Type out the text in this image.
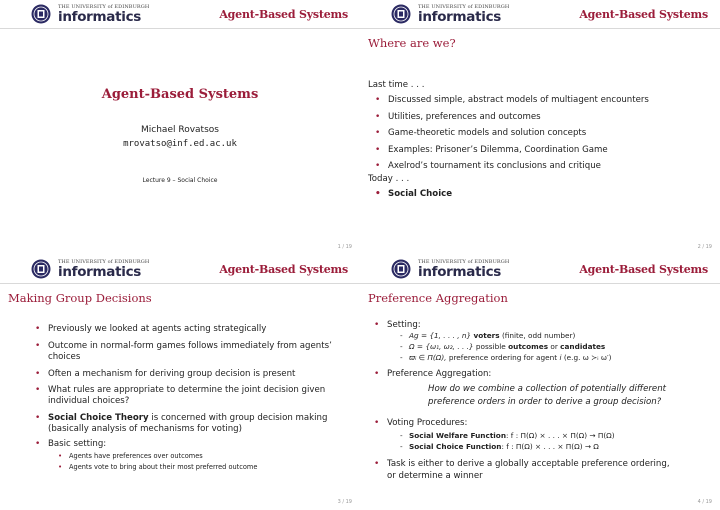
THE UNIVERSITY of EDINBURGH
informatics	Agent-Based Systems
Agent-Based Systems
Michael Rovatsos
mrovatso@inf.ed.ac.uk
Lecture 9 – Social Choice
1 / 19
THE UNIVERSITY of EDINBURGH
informatics	Agent-Based Systems
Where are we?
Last time . . .
• Discussed simple, abstract models of multiagent encounters
• Utilities, preferences and outcomes
• Game-theoretic models and solution concepts
• Examples: Prisoner’s Dilemma, Coordination Game
• Axelrod’s tournament its conclusions and critique
Today . . .
• Social Choice
2 / 19
THE UNIVERSITY of EDINBURGH
informatics	Agent-Based Systems
Making Group Decisions
• Previously we looked at agents acting strategically
• Outcome in normal-form games follows immediately from agents’
choices
• Often a mechanism for deriving group decision is present
• What rules are appropriate to determine the joint decision given
individual choices?
• Social Choice Theory is concerned with group decision making
(basically analysis of mechanisms for voting)
• Basic setting:
• Agents have preferences over outcomes
• Agents vote to bring about their most preferred outcome
3 / 19
THE UNIVERSITY of EDINBURGH
informatics	Agent-Based Systems
Preference Aggregation
• Setting:
- Ag = {1, . . . , n} voters (finite, odd number)
- Ω = {ω₁, ω₂, . . .} possible outcomes or candidates
- ϖᵢ ∈ Π(Ω), preference ordering for agent i (e.g. ω ≻ᵢ ω′)
• Preference Aggregation:
How do we combine a collection of potentially different
preference orders in order to derive a group decision?
• Voting Procedures:
- Social Welfare Function: f : Π(Ω) × . . . × Π(Ω) → Π(Ω)
- Social Choice Function: f : Π(Ω) × . . . × Π(Ω) → Ω
• Task is either to derive a globally acceptable preference ordering,
or determine a winner
4 / 19
